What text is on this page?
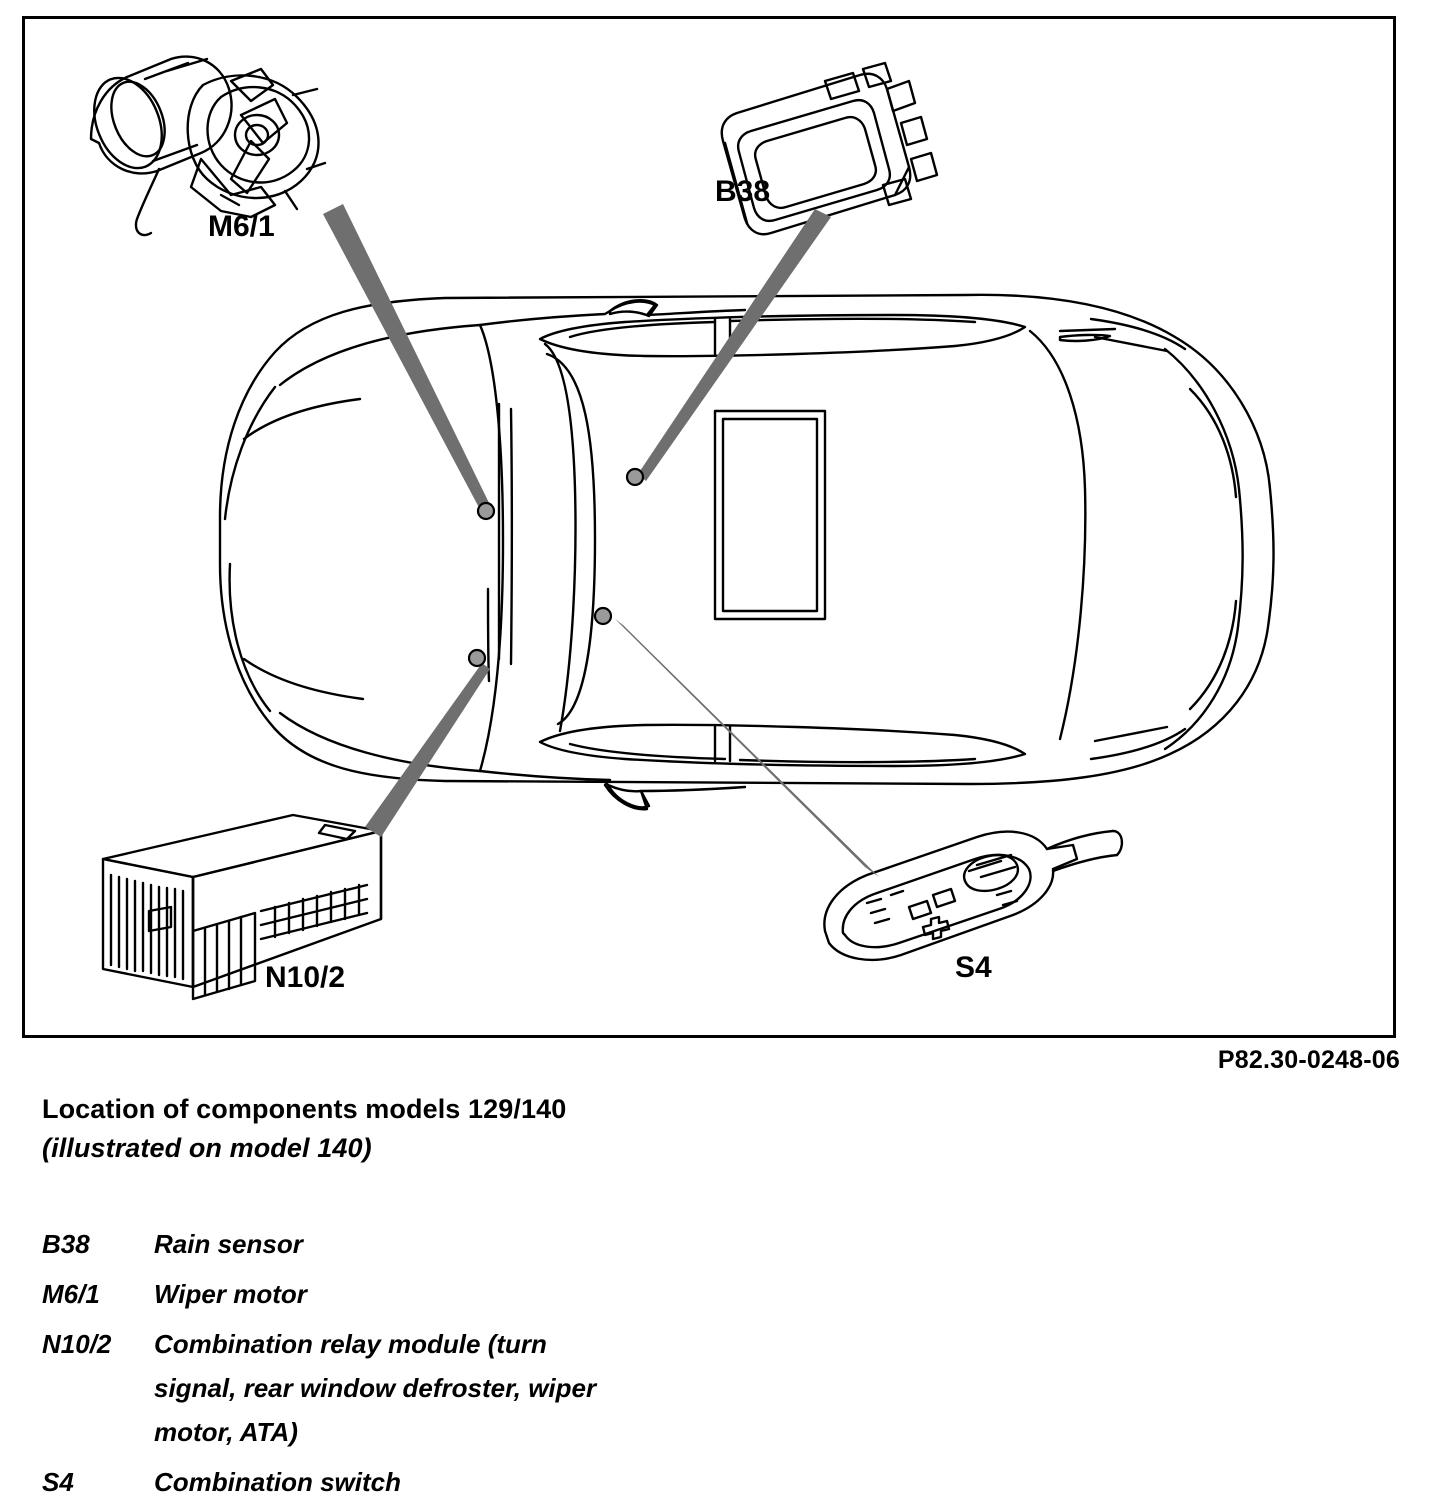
M6/1
B38
N10/2	S4
P82.30-0248-06
Location of components models 129/140
(illustrated on model 140)
B38	Rain sensor
M6/1	Wiper motor
N10/2	Combination relay module (turn
signal, rear window defroster, wiper
motor, ATA)
S4	Combination switch
